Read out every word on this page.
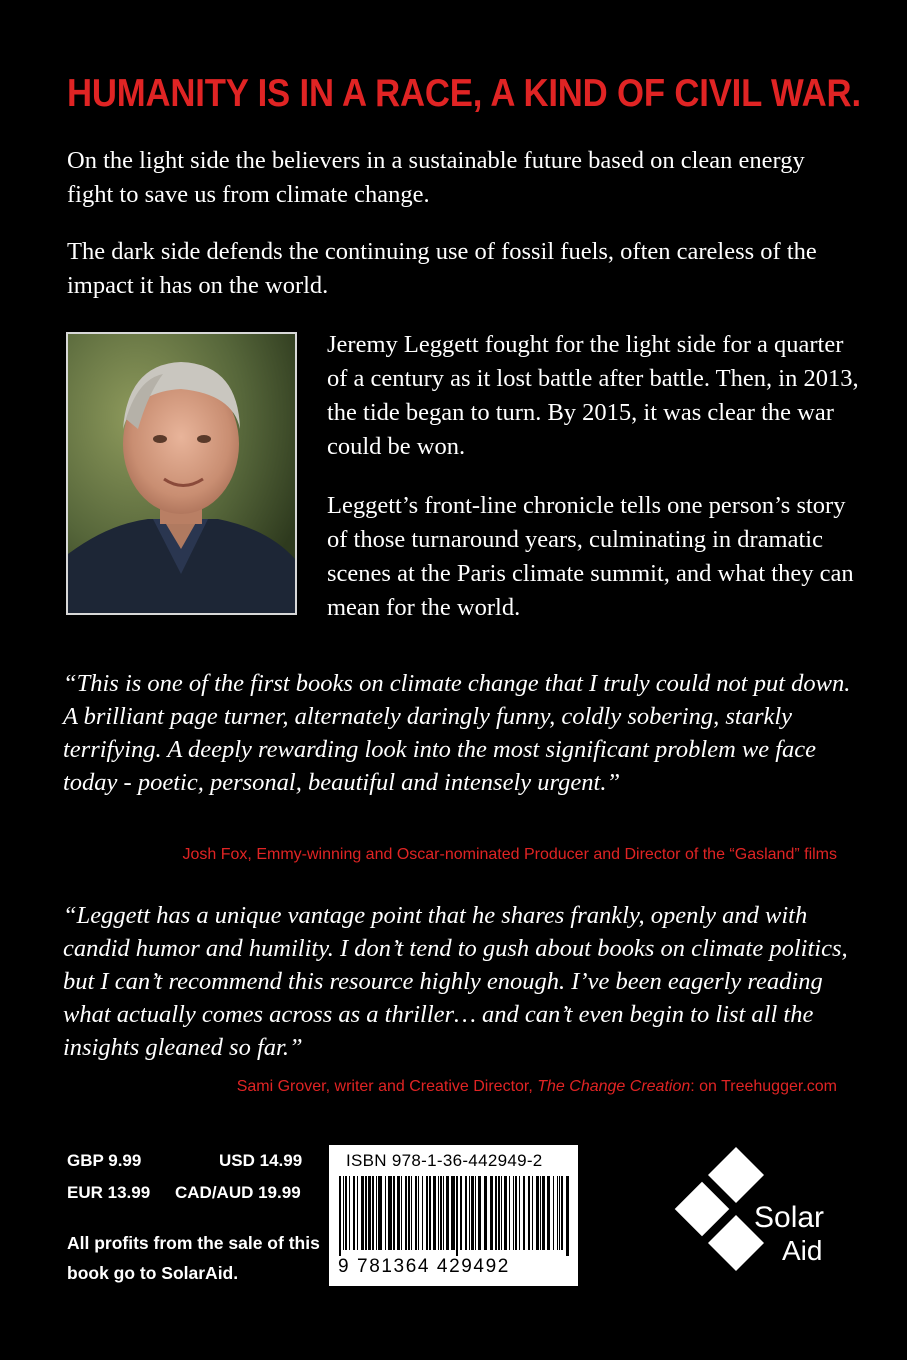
HUMANITY IS IN A RACE, A KIND OF CIVIL WAR.

On the light side the believers in a sustainable future based on clean energy fight to save us from climate change.

The dark side defends the continuing use of fossil fuels, often careless of the impact it has on the world.

Jeremy Leggett fought for the light side for a quarter of a century as it lost battle after battle. Then, in 2013, the tide began to turn. By 2015, it was clear the war could be won.

Leggett’s front-line chronicle tells one person’s story of those turnaround years, culminating in dramatic scenes at the Paris climate summit, and what they can mean for the world.

“This is one of the first books on climate change that I truly could not put down. A brilliant page turner, alternately daringly funny, coldly sobering, starkly terrifying. A deeply rewarding look into the most significant problem we face today - poetic, personal, beautiful and intensely urgent.”

Josh Fox, Emmy-winning and Oscar-nominated Producer and Director of the “Gasland” films

“Leggett has a unique vantage point that he shares frankly, openly and with candid humor and humility. I don’t tend to gush about books on climate politics, but I can’t recommend this resource highly enough. I’ve been eagerly reading what actually comes across as a thriller… and can’t even begin to list all the insights gleaned so far.”

Sami Grover, writer and Creative Director, The Change Creation: on Treehugger.com
GBP 9.99	USD 14.99
EUR 13.99 CAD/AUD 19.99

All profits from the sale of this book go to SolarAid.

ISBN 978-1-36-442949-2
9 781364 429492
Solar
Aid
